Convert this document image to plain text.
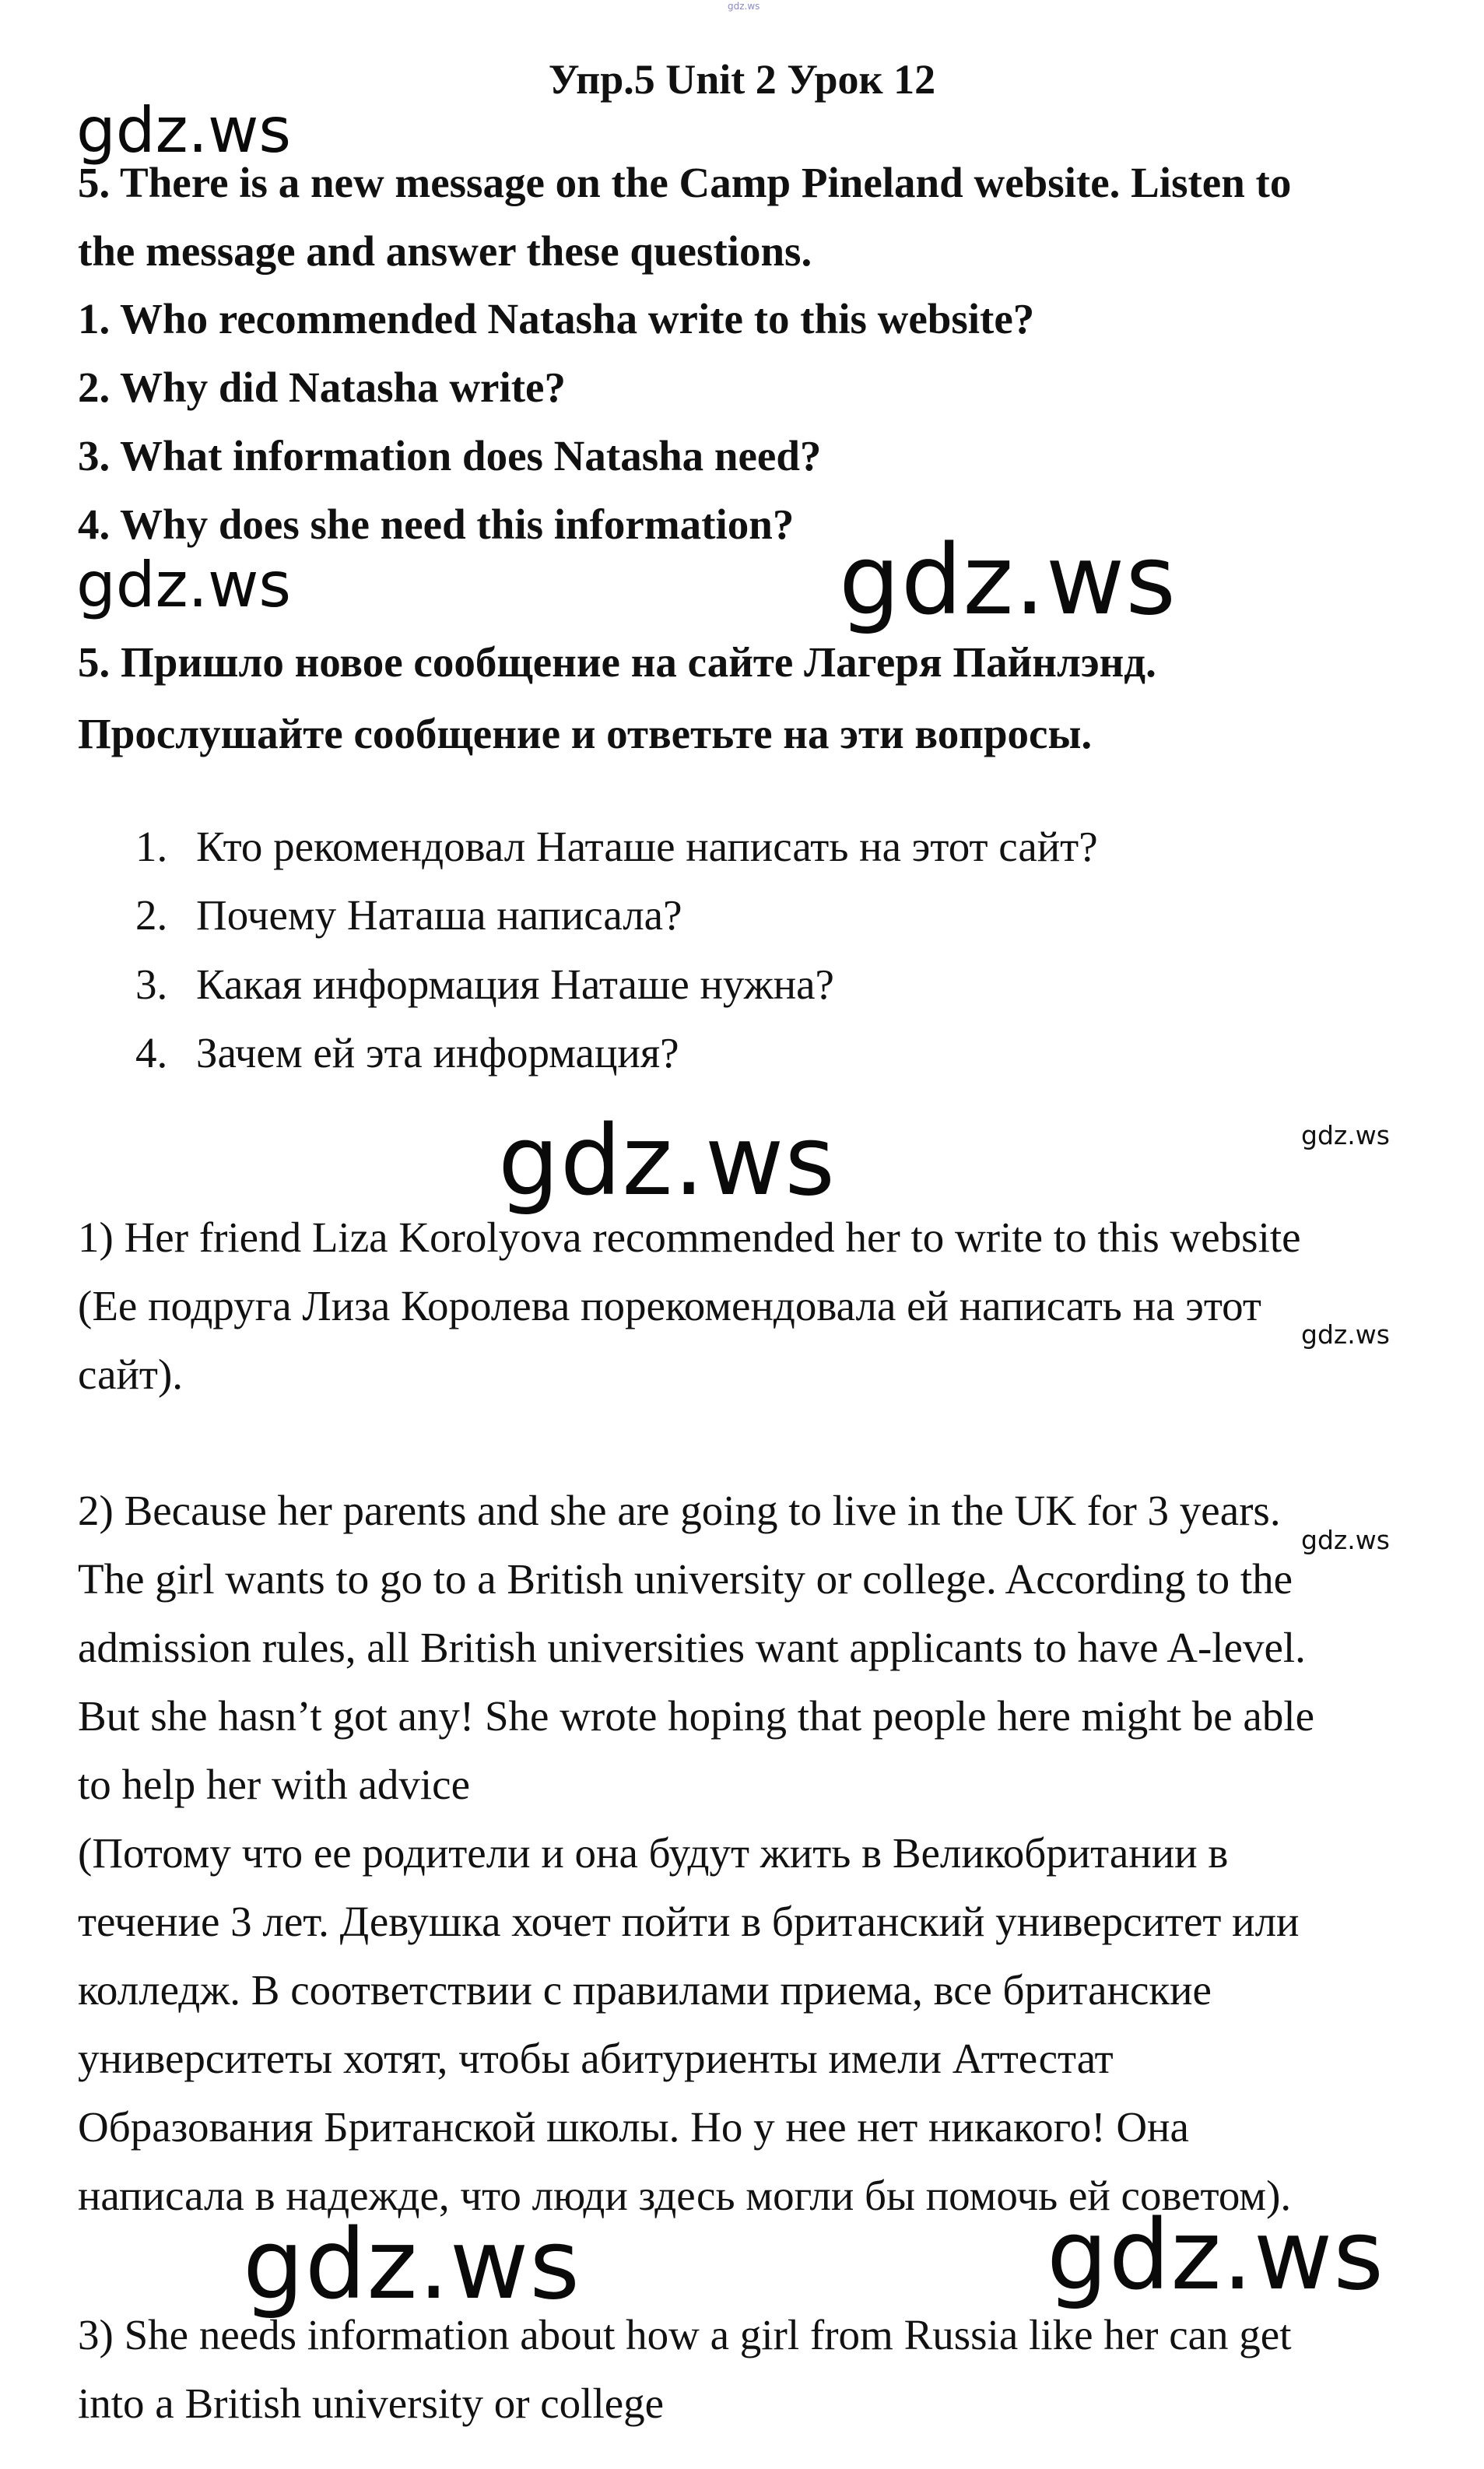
gdz.ws
Упр.5 Unit 2 Урок 12
gdz.ws
5. There is a new message on the Camp Pineland website. Listen to
the message and answer these questions.
1. Who recommended Natasha write to this website?
2. Why did Natasha write?
3. What information does Natasha need?
4. Why does she need this information?
gdz.ws	gdz.ws
5. Пришло новое сообщение на сайте Лагеря Пайнлэнд.
Прослушайте сообщение и ответьте на эти вопросы.
1. Кто рекомендовал Наташе написать на этот сайт?
2. Почему Наташа написала?
3. Какая информация Наташе нужна?
4. Зачем ей эта информация?
gdz.ws	gdz.ws
1) Her friend Liza Korolyova recommended her to write to this website
(Ее подруга Лиза Королева порекомендовала ей написать на этот
gdz.ws
сайт).
2) Because her parents and she are going to live in the UK for 3 years.
gdz.ws
The girl wants to go to a British university or college. According to the
admission rules, all British universities want applicants to have A-level.
But she hasn’t got any! She wrote hoping that people here might be able
to help her with advice
(Потому что ее родители и она будут жить в Великобритании в
течение 3 лет. Девушка хочет пойти в британский университет или
колледж. В соответствии с правилами приема, все британские
университеты хотят, чтобы абитуриенты имели Аттестат
Образования Британской школы. Но у нее нет никакого! Она
написала в надежде, что люди здесь могли бы помочь ей советом).
gdz.ws	gdz.ws
3) She needs information about how a girl from Russia like her can get
into a British university or college
